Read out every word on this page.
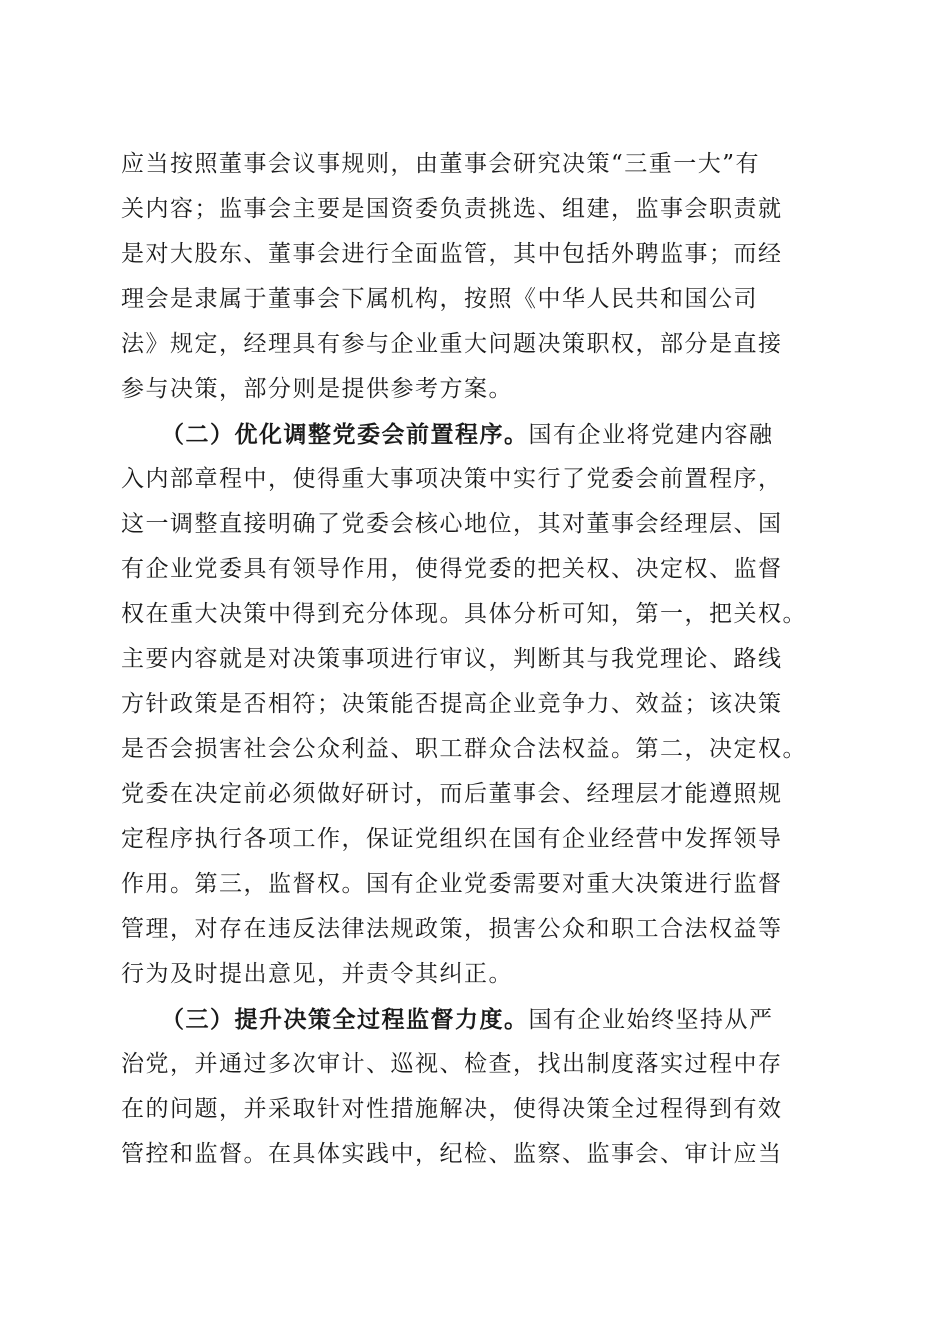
应当按照董事会议事规则，由董事会研究决策“三重一大”有
关内容；监事会主要是国资委负责挑选、组建，监事会职责就
是对大股东、董事会进行全面监管，其中包括外聘监事；而经
理会是隶属于董事会下属机构，按照《中华人民共和国公司
法》规定，经理具有参与企业重大问题决策职权，部分是直接
参与决策，部分则是提供参考方案。
（二）优化调整党委会前置程序。国有企业将党建内容融
入内部章程中，使得重大事项决策中实行了党委会前置程序，
这一调整直接明确了党委会核心地位，其对董事会经理层、国
有企业党委具有领导作用，使得党委的把关权、决定权、监督
权在重大决策中得到充分体现。具体分析可知，第一，把关权。
主要内容就是对决策事项进行审议，判断其与我党理论、路线
方针政策是否相符；决策能否提高企业竞争力、效益；该决策
是否会损害社会公众利益、职工群众合法权益。第二，决定权。
党委在决定前必须做好研讨，而后董事会、经理层才能遵照规
定程序执行各项工作，保证党组织在国有企业经营中发挥领导
作用。第三，监督权。国有企业党委需要对重大决策进行监督
管理，对存在违反法律法规政策，损害公众和职工合法权益等
行为及时提出意见，并责令其纠正。
（三）提升决策全过程监督力度。国有企业始终坚持从严
治党，并通过多次审计、巡视、检查，找出制度落实过程中存
在的问题，并采取针对性措施解决，使得决策全过程得到有效
管控和监督。在具体实践中，纪检、监察、监事会、审计应当
